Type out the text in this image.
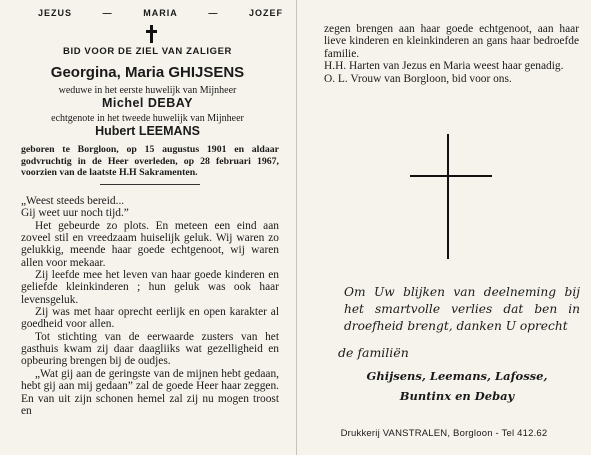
JEZUS	—	MARIA	—	JOZEF
BID VOOR DE ZIEL VAN ZALIGER
Georgina, Maria GHIJSENS
weduwe in het eerste huwelijk van Mijnheer
Michel DEBAY
echtgenote in het tweede huwelijk van Mijnheer
Hubert LEEMANS
geboren te Borgloon, op 15 augustus 1901 en aldaar godvruchtig in de Heer overleden, op 28 februari 1967, voorzien van de laatste H.H Sakramenten.

„Weest steeds bereid...

Gij weet uur noch tijd.”

Het gebeurde zo plots. En meteen een eind aan zoveel stil en vreedzaam huiselijk geluk. Wij waren zo gelukkig, meende haar goede echtgenoot, wij waren allen voor mekaar.

Zij leefde mee het leven van haar goede kinderen en geliefde kleinkinderen ; hun geluk was ook haar levensgeluk.

Zij was met haar oprecht eerlijk en open karakter al goedheid voor allen.

Tot stichting van de eerwaarde zusters van het gasthuis kwam zij daar daagliiks wat gezelligheid en opbeuring brengen bij de oudjes.

„Wat gij aan de geringste van de mijnen hebt gedaan, hebt gij aan mij gedaan” zal de goede Heer haar zeggen. En van uit zijn schonen hemel zal zij nu mogen troost en

zegen brengen aan haar goede echtgenoot, aan haar lieve kinderen en kleinkinderen an gans haar bedroefde familie.

H.H. Harten van Jezus en Maria weest haar genadig.

O. L. Vrouw van Borgloon, bid voor ons.

Om Uw blijken van deelneming bij het smartvolle verlies dat ben in droefheid brengt, danken U oprecht
de familiën
Ghijsens, Leemans, Lafosse,
Buntinx en Debay
Drukkerij VANSTRALEN, Borgloon - Tel 412.62
